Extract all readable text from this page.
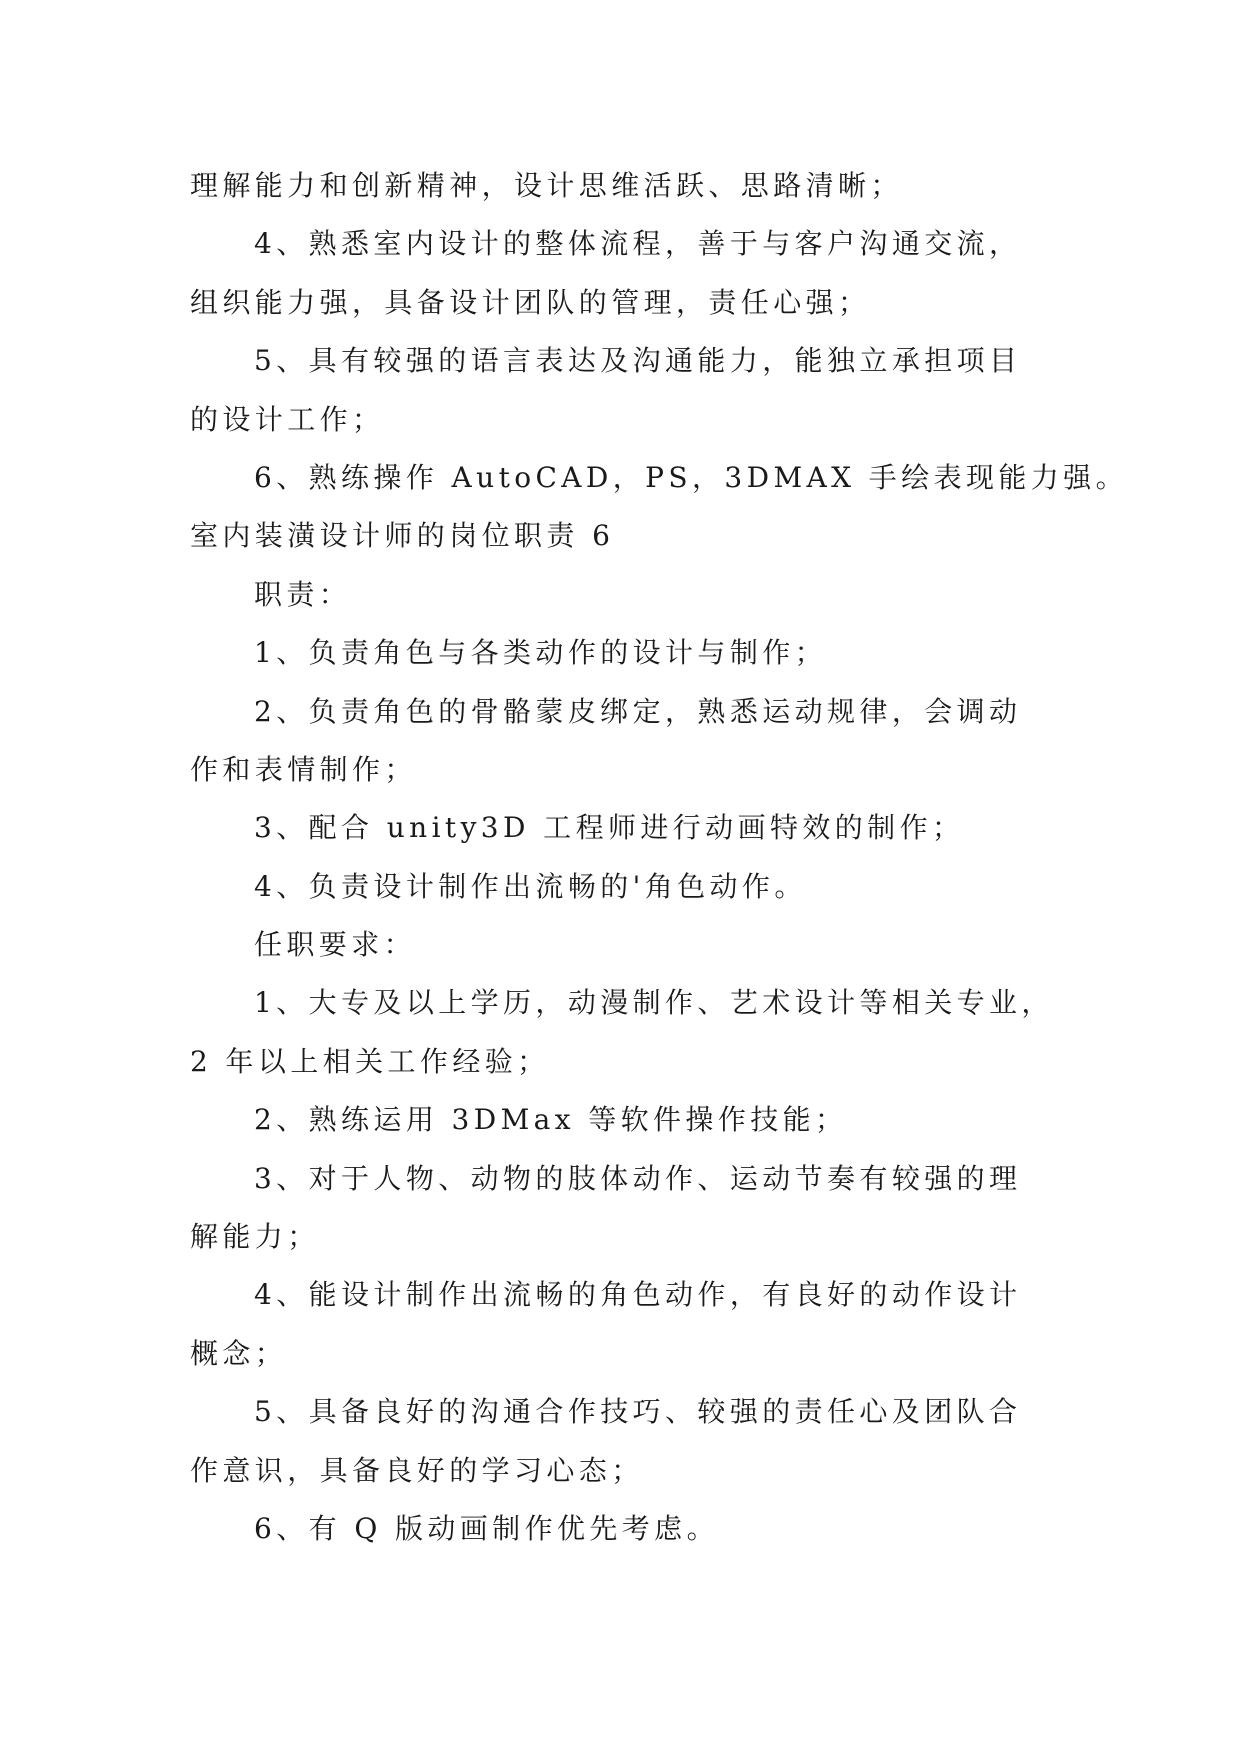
理解能力和创新精神，设计思维活跃、思路清晰；
4、熟悉室内设计的整体流程，善于与客户沟通交流，
组织能力强，具备设计团队的管理，责任心强；
5、具有较强的语言表达及沟通能力，能独立承担项目
的设计工作；
6、熟练操作 AutoCAD，PS，3DMAX 手绘表现能力强。
室内装潢设计师的岗位职责 6
职责：
1、负责角色与各类动作的设计与制作；
2、负责角色的骨骼蒙皮绑定，熟悉运动规律，会调动
作和表情制作；
3、配合 unity3D 工程师进行动画特效的制作；
4、负责设计制作出流畅的'角色动作。
任职要求：
1、大专及以上学历，动漫制作、艺术设计等相关专业，
2 年以上相关工作经验；
2、熟练运用 3DMax 等软件操作技能；
3、对于人物、动物的肢体动作、运动节奏有较强的理
解能力；
4、能设计制作出流畅的角色动作，有良好的动作设计
概念；
5、具备良好的沟通合作技巧、较强的责任心及团队合
作意识，具备良好的学习心态；
6、有 Q 版动画制作优先考虑。
